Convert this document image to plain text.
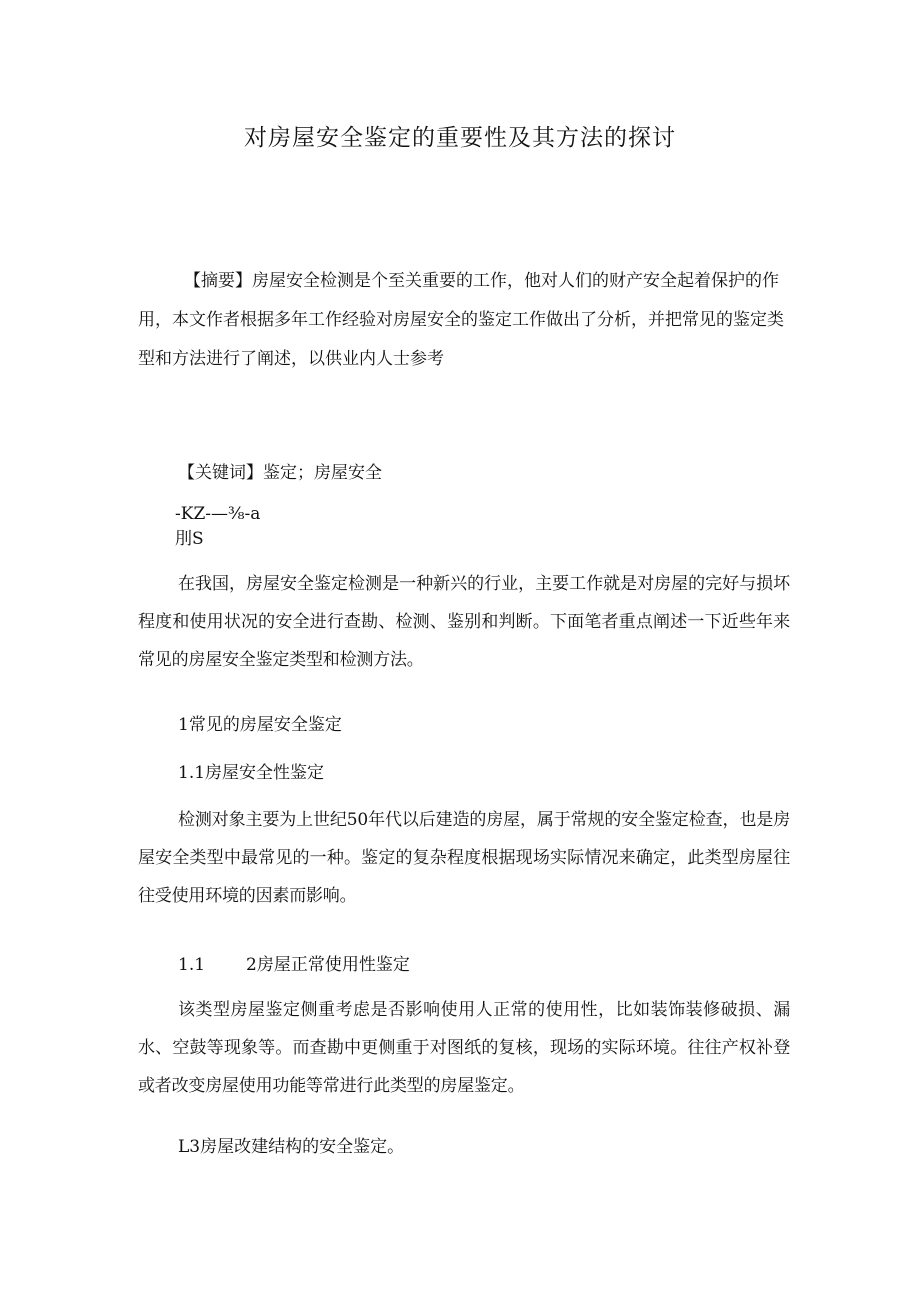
对房屋安全鉴定的重要性及其方法的探讨

【摘要】房屋安全检测是个至关重要的工作，他对人们的财产安全起着保护的作用，本文作者根据多年工作经验对房屋安全的鉴定工作做出了分析，并把常见的鉴定类型和方法进行了阐述，以供业内人士参考

【关键词】鉴定；房屋安全

-KZ-—⅜-a

刖S

在我国，房屋安全鉴定检测是一种新兴的行业，主要工作就是对房屋的完好与损坏程度和使用状况的安全进行查勘、检测、鉴别和判断。下面笔者重点阐述一下近些年来常见的房屋安全鉴定类型和检测方法。

1常见的房屋安全鉴定

1.1房屋安全性鉴定

检测对象主要为上世纪50年代以后建造的房屋，属于常规的安全鉴定检查，也是房屋安全类型中最常见的一种。鉴定的复杂程度根据现场实际情况来确定，此类型房屋往往受使用环境的因素而影响。

1.1 2房屋正常使用性鉴定

该类型房屋鉴定侧重考虑是否影响使用人正常的使用性，比如装饰装修破损、漏水、空鼓等现象等。而查勘中更侧重于对图纸的复核，现场的实际环境。往往产权补登或者改变房屋使用功能等常进行此类型的房屋鉴定。

L3房屋改建结构的安全鉴定。
